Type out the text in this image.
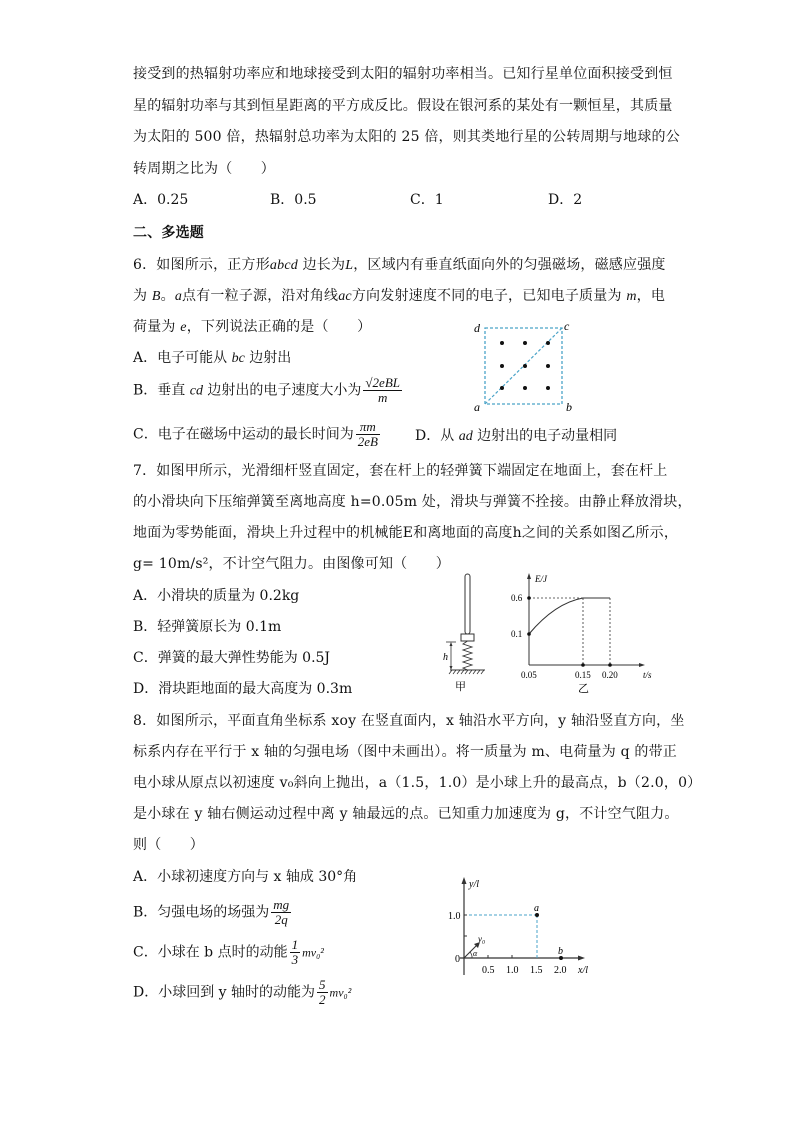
接受到的热辐射功率应和地球接受到太阳的辐射功率相当。已知行星单位面积接受到恒
星的辐射功率与其到恒星距离的平方成反比。假设在银河系的某处有一颗恒星，其质量
为太阳的 500 倍，热辐射总功率为太阳的 25 倍，则其类地行星的公转周期与地球的公
转周期之比为（　　）
A．0.25	B．0.5	C．1	D．2
二、多选题
6．如图所示，正方形abcd 边长为L，区域内有垂直纸面向外的匀强磁场，磁感应强度
为 B。a点有一粒子源，沿对角线ac方向发射速度不同的电子，已知电子质量为 m，电
荷量为 e，下列说法正确的是（　　）
A．电子可能从 bc 边射出
B．垂直 cd 边射出的电子速度大小为 $\frac{\text{√2eBL}}{m}$
C．电子在磁场中运动的最长时间为 $\frac{\pi m}{2eB}$	D．从 ad 边射出的电子动量相同
d	c
a	b
7．如图甲所示，光滑细杆竖直固定，套在杆上的轻弹簧下端固定在地面上，套在杆上
的小滑块向下压缩弹簧至离地高度 h=0.05m 处，滑块与弹簧不拴接。由静止释放滑块，
地面为零势能面，滑块上升过程中的机械能E和离地面的高度h之间的关系如图乙所示，
g= 10m/s²，不计空气阻力。由图像可知（　　）
A．小滑块的质量为 0.2kg
B．轻弹簧原长为 0.1m
C．弹簧的最大弹性势能为 0.5J
D．滑块距地面的最大高度为 0.3m
h
甲
E/J
0.6
0.1
0.05	0.15 0.20	t/s
乙
8．如图所示，平面直角坐标系 xoy 在竖直面内，x 轴沿水平方向，y 轴沿竖直方向，坐
标系内存在平行于 x 轴的匀强电场（图中未画出）。将一质量为 m、电荷量为 q 的带正
电小球从原点以初速度 v₀斜向上抛出，a（1.5，1.0）是小球上升的最高点，b（2.0，0）
是小球在 y 轴右侧运动过程中离 y 轴最远的点。已知重力加速度为 g，不计空气阻力。
则（　　）
A．小球初速度方向与 x 轴成 30°角
B．匀强电场的场强为 $\frac{mg}{2q}$
C．小球在 b 点时的动能 $\frac{1}{3} mv_0^2$
D．小球回到 y 轴时的动能为 $\frac{5}{2} mv_0^2$
y/l
1.0
0
0.5 1.0 1.5 2.0 x/l
a
b
v₀
α
